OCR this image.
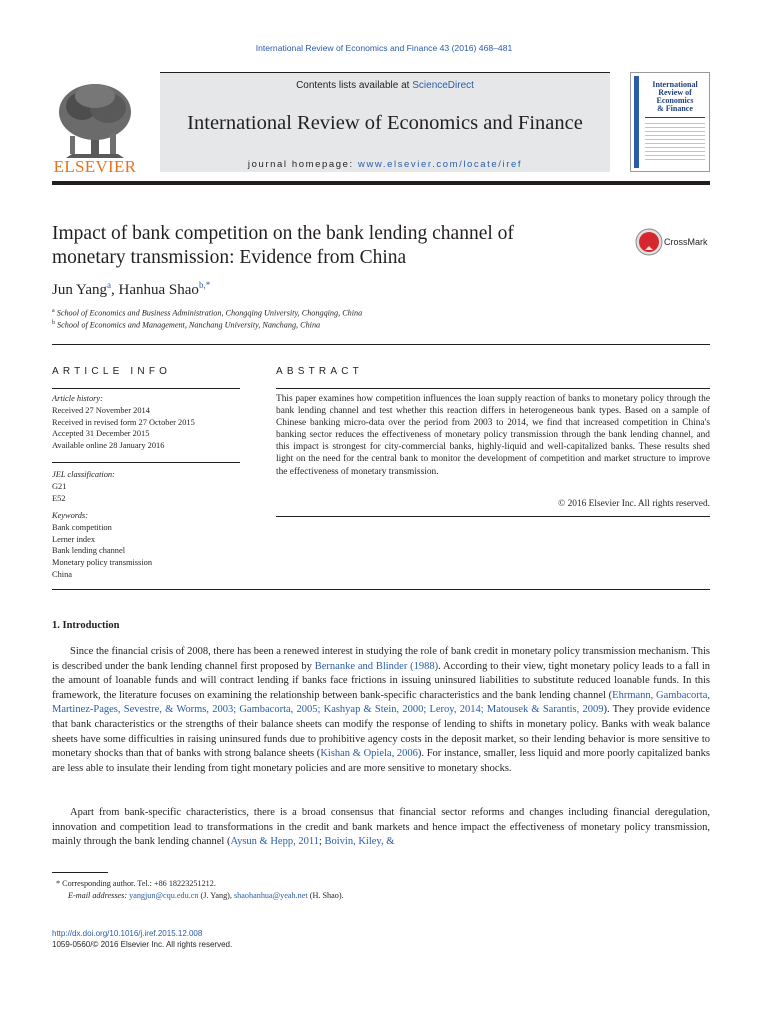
International Review of Economics and Finance 43 (2016) 468–481
ELSEVIER
Contents lists available at ScienceDirect
International Review of Economics and Finance
journal homepage: www.elsevier.com/locate/iref
International
Review of
Economics
& Finance
Impact of bank competition on the bank lending channel of
monetary transmission: Evidence from China
CrossMark
Jun Yang$^a$, Hanhua Shao$^{b,*}$
$^a$ School of Economics and Business Administration, Chongqing University, Chongqing, China
$^b$ School of Economics and Management, Nanchang University, Nanchang, China
ARTICLE INFO	ABSTRACT
Article history:
Received 27 November 2014
Received in revised form 27 October 2015
Accepted 31 December 2015
Available online 28 January 2016
JEL classification:
G21
E52
Keywords:
Bank competition
Lerner index
Bank lending channel
Monetary policy transmission
China
This paper examines how competition influences the loan supply reaction of banks to monetary policy through the bank lending channel and test whether this reaction differs in heterogeneous bank types. Based on a sample of Chinese banking micro-data over the period from 2003 to 2014, we find that increased competition in China's banking sector reduces the effectiveness of monetary policy transmission through the bank lending channel, and this impact is strongest for city-commercial banks, highly-liquid and well-capitalized banks. These results shed light on the need for the central bank to monitor the development of competition and market structure to improve the effectiveness of monetary transmission.
© 2016 Elsevier Inc. All rights reserved.
1. Introduction
Since the financial crisis of 2008, there has been a renewed interest in studying the role of bank credit in monetary policy transmission mechanism. This is described under the bank lending channel first proposed by Bernanke and Blinder (1988). According to their view, tight monetary policy leads to a fall in the amount of loanable funds and will contract lending if banks face frictions in issuing uninsured liabilities to substitute reduced loanable funds. In this framework, the literature focuses on examining the relationship between bank-specific characteristics and the bank lending channel (Ehrmann, Gambacorta, Martinez-Pages, Sevestre, & Worms, 2003; Gambacorta, 2005; Kashyap & Stein, 2000; Leroy, 2014; Matousek & Sarantis, 2009). They provide evidence that bank characteristics or the strengths of their balance sheets can modify the response of lending to shifts in monetary policy. Banks with weak balance sheets have some difficulties in raising uninsured funds due to prohibitive agency costs in the deposit market, so their lending behavior is more sensitive to monetary shocks than that of banks with strong balance sheets (Kishan & Opiela, 2006). For instance, smaller, less liquid and more poorly capitalized banks are less able to insulate their lending from tight monetary policies and are more sensitive to monetary shocks.
Apart from bank-specific characteristics, there is a broad consensus that financial sector reforms and changes including financial deregulation, innovation and competition lead to transformations in the credit and bank markets and hence impact the effectiveness of monetary policy transmission, mainly through the bank lending channel (Aysun & Hepp, 2011; Boivin, Kiley, &
* Corresponding author. Tel.: +86 18223251212.
E-mail addresses: yangjun@cqu.edu.cn (J. Yang), shaohanhua@yeah.net (H. Shao).
http://dx.doi.org/10.1016/j.iref.2015.12.008
1059-0560/© 2016 Elsevier Inc. All rights reserved.
